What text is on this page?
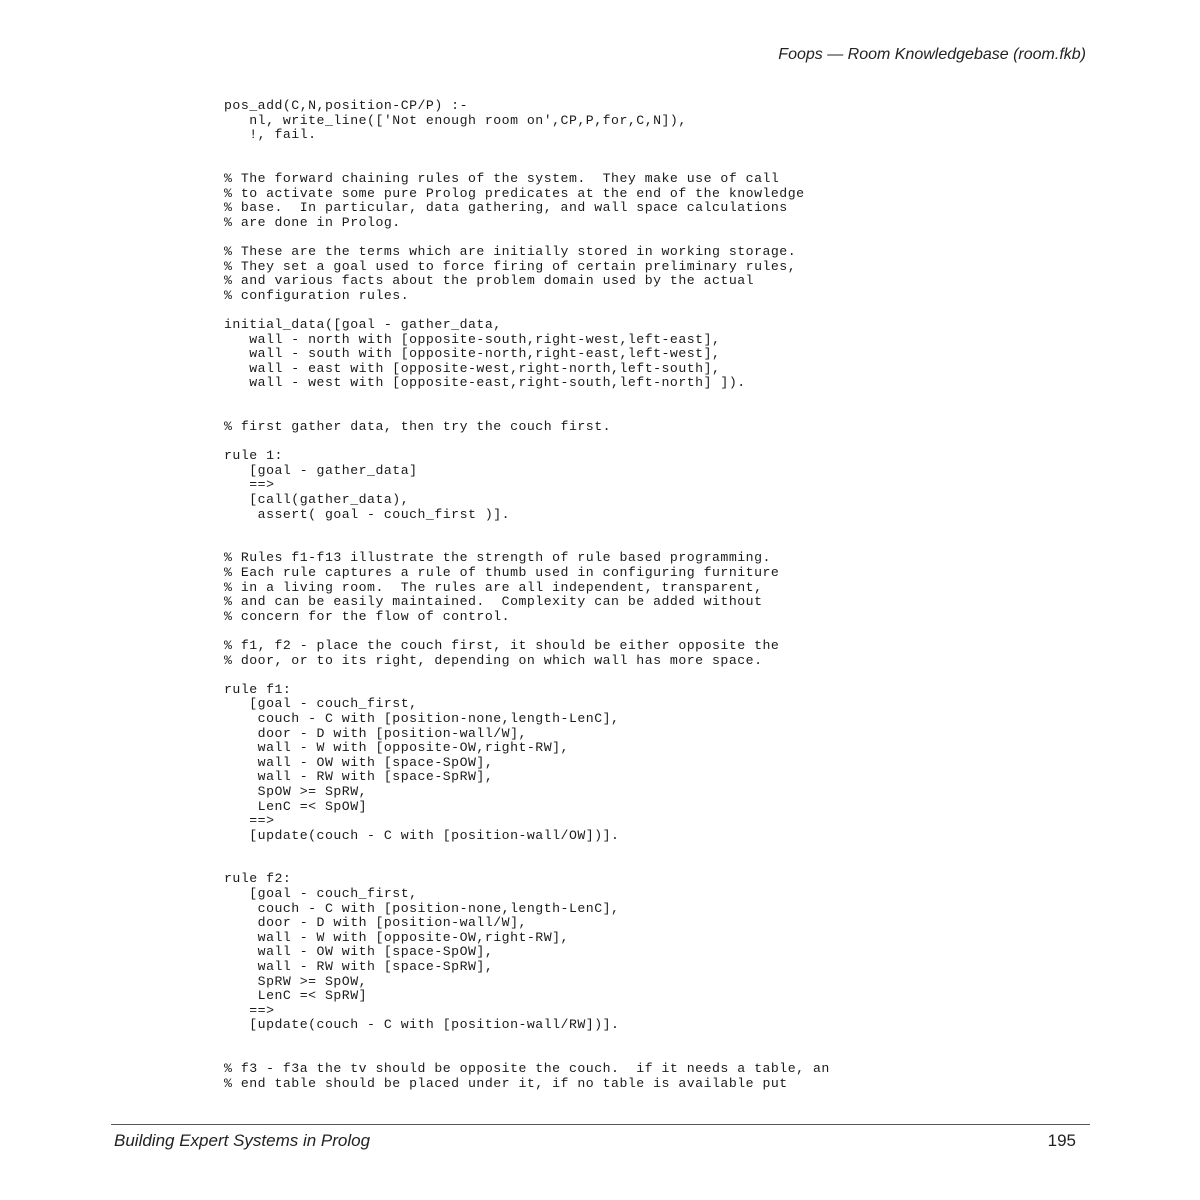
Foops — Room Knowledgebase (room.fkb)
pos_add(C,N,position-CP/P) :-
nl, write_line(['Not enough room on',CP,P,for,C,N]),
!, fail.
% The forward chaining rules of the system.  They make use of call
% to activate some pure Prolog predicates at the end of the knowledge
% base.  In particular, data gathering, and wall space calculations
% are done in Prolog.
% These are the terms which are initially stored in working storage.
% They set a goal used to force firing of certain preliminary rules,
% and various facts about the problem domain used by the actual
% configuration rules.
initial_data([goal - gather_data,
wall - north with [opposite-south,right-west,left-east],
wall - south with [opposite-north,right-east,left-west],
wall - east with [opposite-west,right-north,left-south],
wall - west with [opposite-east,right-south,left-north] ]).
% first gather data, then try the couch first.
rule 1:
[goal - gather_data]
==>
[call(gather_data),
assert( goal - couch_first )].
% Rules f1-f13 illustrate the strength of rule based programming.
% Each rule captures a rule of thumb used in configuring furniture
% in a living room.  The rules are all independent, transparent,
% and can be easily maintained.  Complexity can be added without
% concern for the flow of control.
% f1, f2 - place the couch first, it should be either opposite the
% door, or to its right, depending on which wall has more space.
rule f1:
[goal - couch_first,
couch - C with [position-none,length-LenC],
door - D with [position-wall/W],
wall - W with [opposite-OW,right-RW],
wall - OW with [space-SpOW],
wall - RW with [space-SpRW],
SpOW >= SpRW,
LenC =< SpOW]
==>
[update(couch - C with [position-wall/OW])].
rule f2:
[goal - couch_first,
couch - C with [position-none,length-LenC],
door - D with [position-wall/W],
wall - W with [opposite-OW,right-RW],
wall - OW with [space-SpOW],
wall - RW with [space-SpRW],
SpRW >= SpOW,
LenC =< SpRW]
==>
[update(couch - C with [position-wall/RW])].
% f3 - f3a the tv should be opposite the couch.  if it needs a table, an
% end table should be placed under it, if no table is available put
Building Expert Systems in Prolog	195
